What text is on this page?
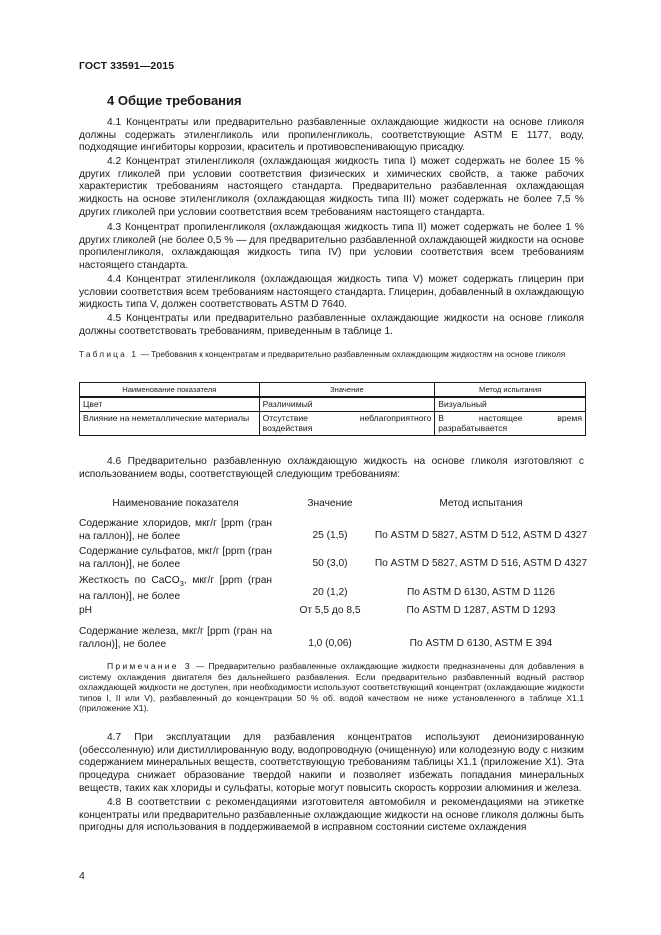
ГОСТ 33591—2015
4 Общие требования

4.1 Концентраты или предварительно разбавленные охлаждающие жидкости на основе гликоля должны содержать этиленгликоль или пропиленгликоль, соответствующие ASTM E 1177, воду, подходящие ингибиторы коррозии, краситель и противовспенивающую присадку.

4.2 Концентрат этиленгликоля (охлаждающая жидкость типа I) может содержать не более 15 % других гликолей при условии соответствия физических и химических свойств, а также рабочих характеристик требованиям настоящего стандарта. Предварительно разбавленная охлаждающая жидкость на основе этиленгликоля (охлаждающая жидкость типа III) может содержать не более 7,5 % других гликолей при условии соответствия всем требованиям настоящего стандарта.

4.3 Концентрат пропиленгликоля (охлаждающая жидкость типа II) может содержать не более 1 % других гликолей (не более 0,5 % — для предварительно разбавленной охлаждающей жидкости на основе пропиленгликоля, охлаждающая жидкость типа IV) при условии соответствия всем требованиям настоящего стандарта.

4.4 Концентрат этиленгликоля (охлаждающая жидкость типа V) может содержать глицерин при условии соответствия всем требованиям настоящего стандарта. Глицерин, добавленный в охлаждающую жидкость типа V, должен соответствовать ASTM D 7640.

4.5 Концентраты или предварительно разбавленные охлаждающие жидкости на основе гликоля должны соответствовать требованиям, приведенным в таблице 1.

Таблица 1 — Требования к концентратам и предварительно разбавленным охлаждающим жидкостям на основе гликоля

Наименование показателя	Значение	Метод испытания
Цвет	Различимый	Визуальный
Влияние на неметаллические материалы	Отсутствие неблагоприятного воздействия	В настоящее время разрабатывается

4.6 Предварительно разбавленную охлаждающую жидкость на основе гликоля изготовляют с использованием воды, соответствующей следующим требованиям:

Наименование показателя	Значение	Метод испытания
Содержание хлоридов, мкг/г [ppm (гран на галлон)], не более	25 (1,5)	По ASTM D 5827, ASTM D 512, ASTM D 4327
Содержание сульфатов, мкг/г [ppm (гран на галлон)], не более	50 (3,0)	По ASTM D 5827, ASTM D 516, ASTM D 4327
Жесткость по CaCO$_3$, мкг/г [ppm (гран на галлон)], не более	20 (1,2)	По ASTM D 6130, ASTM D 1126
pH	От 5,5 до 8,5	По ASTM D 1287, ASTM D 1293
Содержание железа, мкг/г [ppm (гран на галлон)], не более	1,0 (0,06)	По ASTM D 6130, ASTM E 394

Примечание 3 — Предварительно разбавленные охлаждающие жидкости предназначены для добавления в систему охлаждения двигателя без дальнейшего разбавления. Если предварительно разбавленный водный раствор охлаждающей жидкости не доступен, при необходимости используют соответствующий концентрат (охлаждающие жидкости типов I, II или V), разбавленный до концентрации 50 % об. водой качеством не ниже установленного в таблице X1.1 (приложение X1).

4.7 При эксплуатации для разбавления концентратов используют деионизированную (обессоленную) или дистиллированную воду, водопроводную (очищенную) или колодезную воду с низким содержанием минеральных веществ, соответствующую требованиям таблицы X1.1 (приложение X1). Эта процедура снижает образование твердой накипи и позволяет избежать попадания минеральных веществ, таких как хлориды и сульфаты, которые могут повысить скорость коррозии алюминия и железа.

4.8 В соответствии с рекомендациями изготовителя автомобиля и рекомендациями на этикетке концентраты или предварительно разбавленные охлаждающие жидкости на основе гликоля должны быть пригодны для использования в поддерживаемой в исправном состоянии системе охлаждения

4
